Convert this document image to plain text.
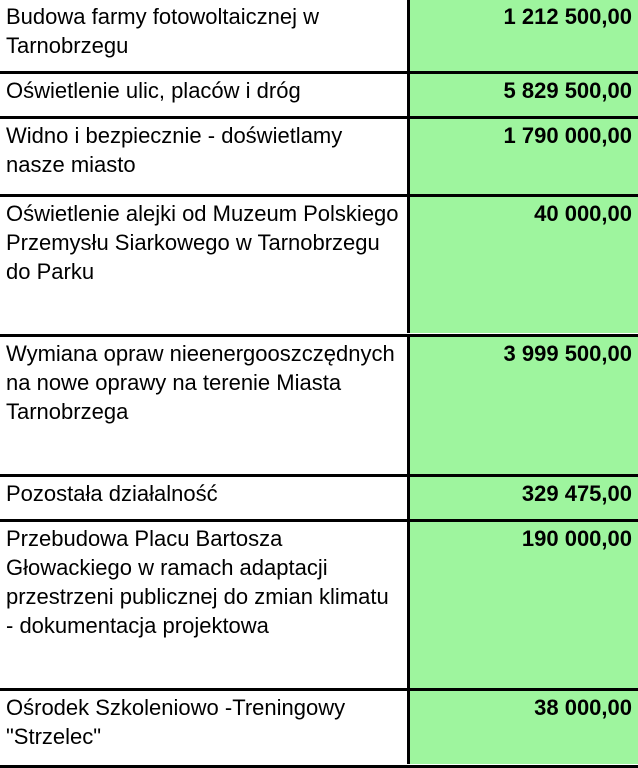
Budowa farmy fotowoltaicznej w Tarnobrzegu
1 212 500,00
Oświetlenie ulic, placów i dróg	5 829 500,00
Widno i bezpiecznie - doświetlamy nasze miasto
1 790 000,00
Oświetlenie alejki od Muzeum Polskiego Przemysłu Siarkowego w Tarnobrzegu do Parku
40 000,00
Wymiana opraw nieenergooszczędnych na nowe oprawy na terenie Miasta Tarnobrzega
3 999 500,00
Pozostała działalność	329 475,00
Przebudowa Placu Bartosza Głowackiego w ramach adaptacji przestrzeni publicznej do zmian klimatu - dokumentacja projektowa
190 000,00
Ośrodek Szkoleniowo -Treningowy "Strzelec"
38 000,00
